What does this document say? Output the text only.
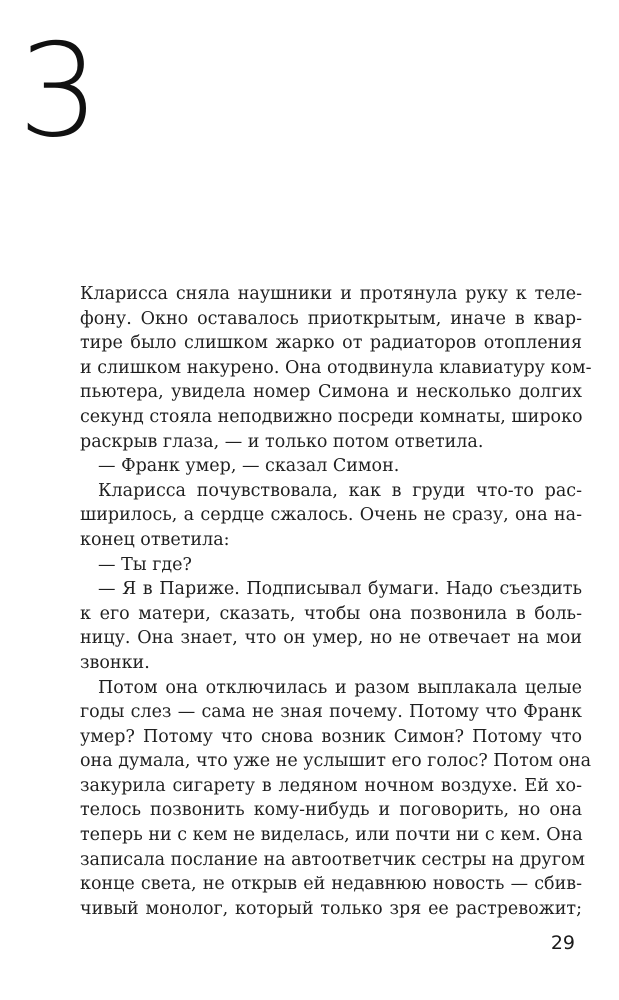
3
Кларисса сняла наушники и протянула руку к теле-
фону. Окно оставалось приоткрытым, иначе в квар-
тире было слишком жарко от радиаторов отопления
и слишком накурено. Она отодвинула клавиатуру ком-
пьютера, увидела номер Симона и несколько долгих
секунд стояла неподвижно посреди комнаты, широко
раскрыв глаза, — и только потом ответила.
— Франк умер, — сказал Симон.
Кларисса почувствовала, как в груди что-то рас-
ширилось, а сердце сжалось. Очень не сразу, она на-
конец ответила:
— Ты где?
— Я в Париже. Подписывал бумаги. Надо съездить
к его матери, сказать, чтобы она позвонила в боль-
ницу. Она знает, что он умер, но не отвечает на мои
звонки.
Потом она отключилась и разом выплакала целые
годы слез — сама не зная почему. Потому что Франк
умер? Потому что снова возник Симон? Потому что
она думала, что уже не услышит его голос? Потом она
закурила сигарету в ледяном ночном воздухе. Ей хо-
телось позвонить кому-нибудь и поговорить, но она
теперь ни с кем не виделась, или почти ни с кем. Она
записала послание на автоответчик сестры на другом
конце света, не открыв ей недавнюю новость — сбив-
чивый монолог, который только зря ее растревожит;
29
